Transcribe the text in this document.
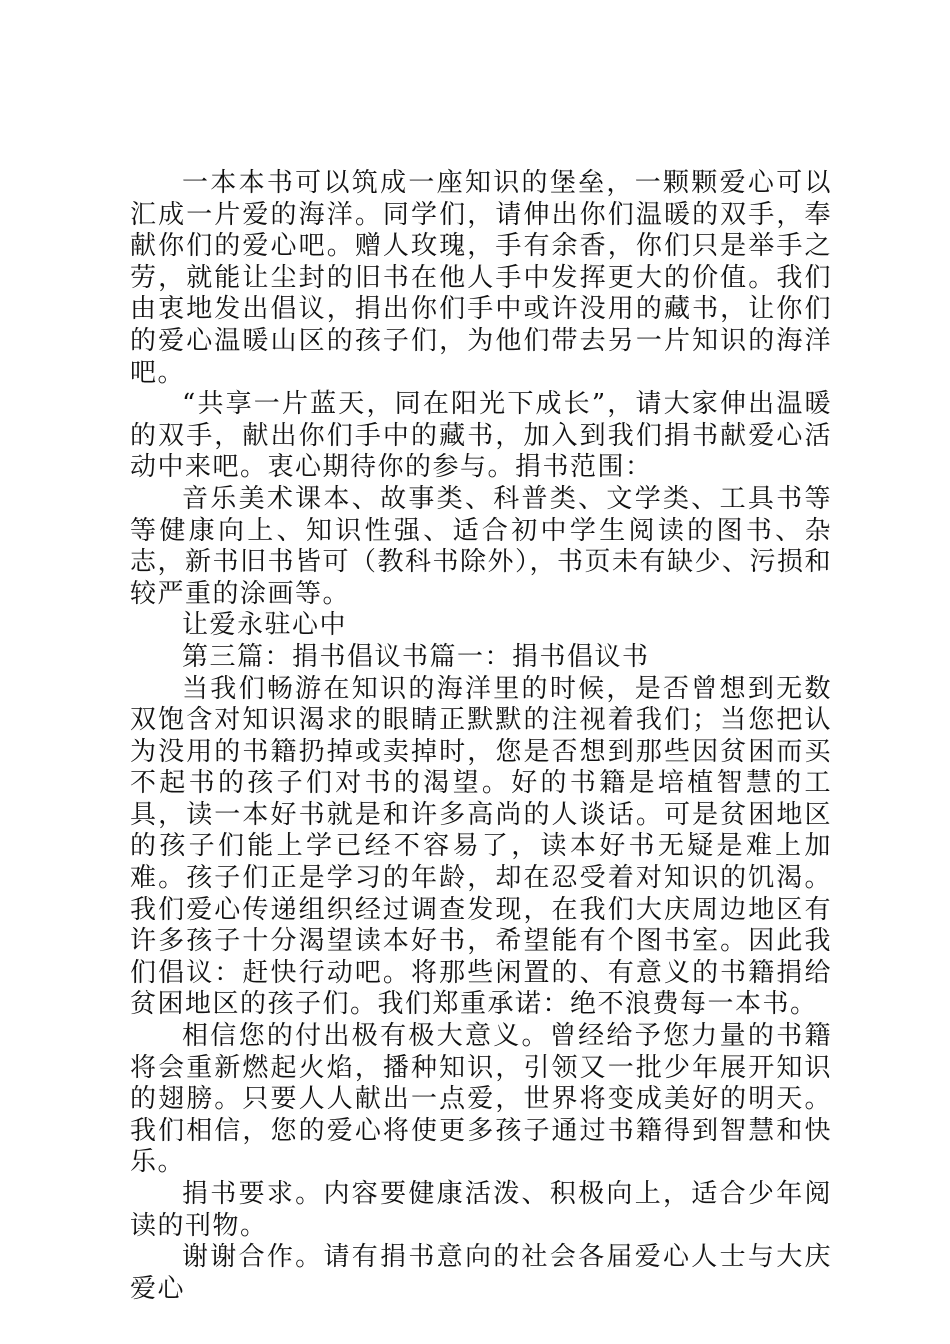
一本本书可以筑成一座知识的堡垒，一颗颗爱心可以汇成一片爱的海洋。同学们，请伸出你们温暖的双手，奉献你们的爱心吧。赠人玫瑰，手有余香，你们只是举手之劳，就能让尘封的旧书在他人手中发挥更大的价值。我们由衷地发出倡议，捐出你们手中或许没用的藏书，让你们的爱心温暖山区的孩子们，为他们带去另一片知识的海洋吧。

“共享一片蓝天，同在阳光下成长”，请大家伸出温暖的双手，献出你们手中的藏书，加入到我们捐书献爱心活动中来吧。衷心期待你的参与。捐书范围：

音乐美术课本、故事类、科普类、文学类、工具书等等健康向上、知识性强、适合初中学生阅读的图书、杂志，新书旧书皆可（教科书除外），书页未有缺少、污损和较严重的涂画等。

让爱永驻心中

第三篇：捐书倡议书篇一：捐书倡议书

当我们畅游在知识的海洋里的时候，是否曾想到无数双饱含对知识渴求的眼睛正默默的注视着我们；当您把认为没用的书籍扔掉或卖掉时，您是否想到那些因贫困而买不起书的孩子们对书的渴望。好的书籍是培植智慧的工具，读一本好书就是和许多高尚的人谈话。可是贫困地区的孩子们能上学已经不容易了，读本好书无疑是难上加难。孩子们正是学习的年龄，却在忍受着对知识的饥渴。我们爱心传递组织经过调查发现，在我们大庆周边地区有许多孩子十分渴望读本好书，希望能有个图书室。因此我们倡议：赶快行动吧。将那些闲置的、有意义的书籍捐给贫困地区的孩子们。我们郑重承诺：绝不浪费每一本书。

相信您的付出极有极大意义。曾经给予您力量的书籍将会重新燃起火焰，播种知识，引领又一批少年展开知识的翅膀。只要人人献出一点爱，世界将变成美好的明天。我们相信，您的爱心将使更多孩子通过书籍得到智慧和快乐。

捐书要求。内容要健康活泼、积极向上，适合少年阅读的刊物。

谢谢合作。请有捐书意向的社会各届爱心人士与大庆爱心
